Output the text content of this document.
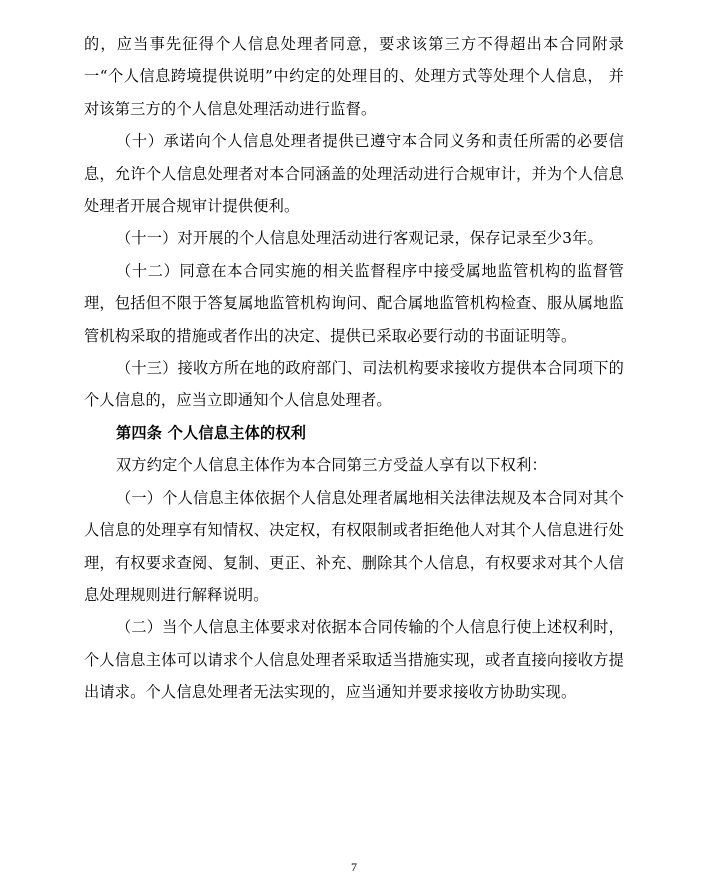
的，应当事先征得个人信息处理者同意，要求该第三方不得超出本合同附录一“个人信息跨境提供说明”中约定的处理目的、处理方式等处理个人信息， 并对该第三方的个人信息处理活动进行监督。

（十）承诺向个人信息处理者提供已遵守本合同义务和责任所需的必要信息，允许个人信息处理者对本合同涵盖的处理活动进行合规审计，并为个人信息处理者开展合规审计提供便利。

（十一）对开展的个人信息处理活动进行客观记录，保存记录至少3年。

（十二）同意在本合同实施的相关监督程序中接受属地监管机构的监督管理，包括但不限于答复属地监管机构询问、配合属地监管机构检查、服从属地监管机构采取的措施或者作出的决定、提供已采取必要行动的书面证明等。

（十三）接收方所在地的政府部门、司法机构要求接收方提供本合同项下的个人信息的，应当立即通知个人信息处理者。

第四条 个人信息主体的权利

双方约定个人信息主体作为本合同第三方受益人享有以下权利：

（一）个人信息主体依据个人信息处理者属地相关法律法规及本合同对其个人信息的处理享有知情权、决定权，有权限制或者拒绝他人对其个人信息进行处理，有权要求查阅、复制、更正、补充、删除其个人信息，有权要求对其个人信息处理规则进行解释说明。

（二）当个人信息主体要求对依据本合同传输的个人信息行使上述权利时，个人信息主体可以请求个人信息处理者采取适当措施实现，或者直接向接收方提出请求。个人信息处理者无法实现的，应当通知并要求接收方协助实现。

7
